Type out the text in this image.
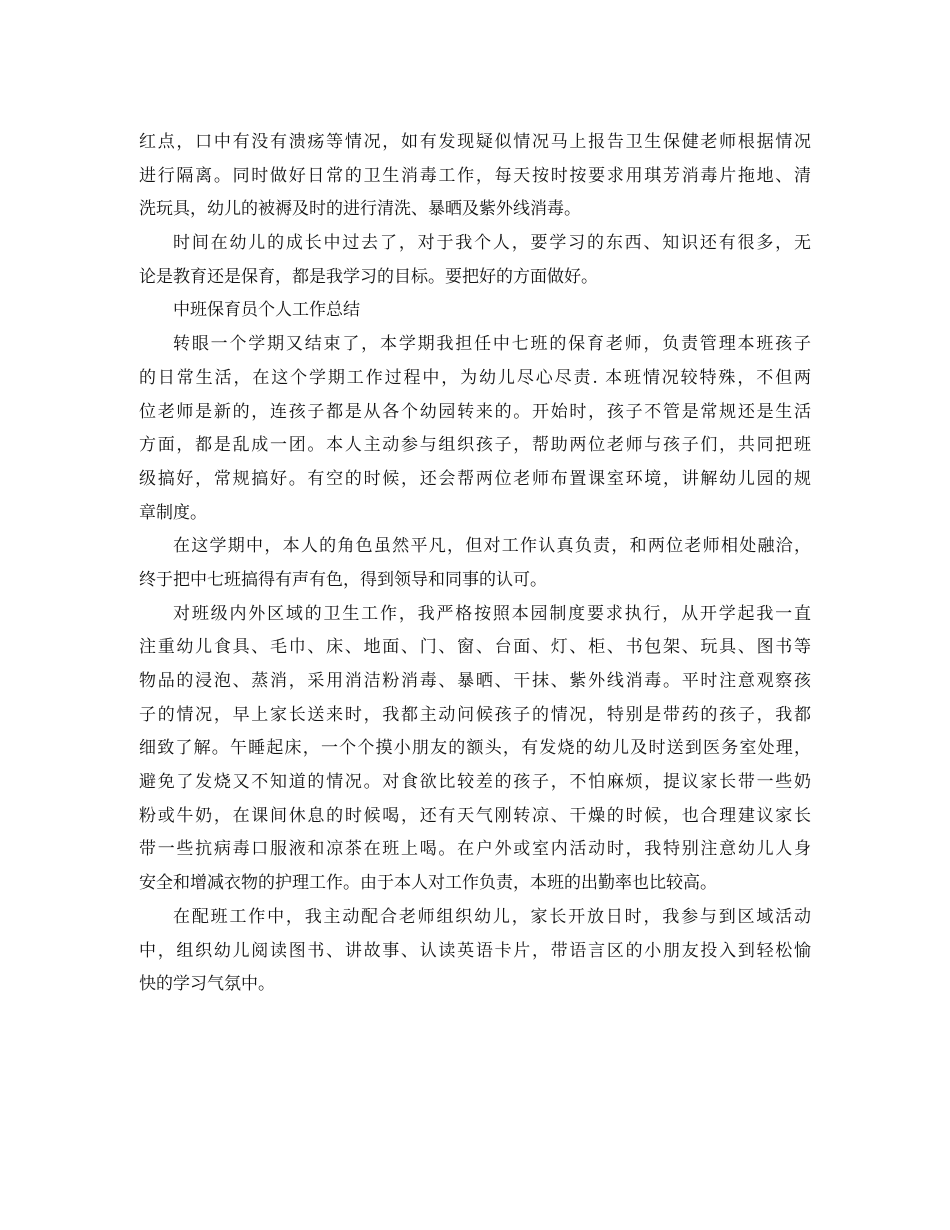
红点，口中有没有溃疡等情况，如有发现疑似情况马上报告卫生保健老师根据情况
进行隔离。同时做好日常的卫生消毒工作，每天按时按要求用琪芳消毒片拖地、清
洗玩具，幼儿的被褥及时的进行清洗、暴晒及紫外线消毒。
时间在幼儿的成长中过去了，对于我个人，要学习的东西、知识还有很多，无
论是教育还是保育，都是我学习的目标。要把好的方面做好。
中班保育员个人工作总结
转眼一个学期又结束了，本学期我担任中七班的保育老师，负责管理本班孩子
的日常生活，在这个学期工作过程中，为幼儿尽心尽责. 本班情况较特殊，不但两
位老师是新的，连孩子都是从各个幼园转来的。开始时，孩子不管是常规还是生活
方面，都是乱成一团。本人主动参与组织孩子，帮助两位老师与孩子们，共同把班
级搞好，常规搞好。有空的时候，还会帮两位老师布置课室环境，讲解幼儿园的规
章制度。
在这学期中，本人的角色虽然平凡，但对工作认真负责，和两位老师相处融洽，
终于把中七班搞得有声有色，得到领导和同事的认可。
对班级内外区域的卫生工作，我严格按照本园制度要求执行，从开学起我一直
注重幼儿食具、毛巾、床、地面、门、窗、台面、灯、柜、书包架、玩具、图书等
物品的浸泡、蒸消，采用消洁粉消毒、暴晒、干抹、紫外线消毒。平时注意观察孩
子的情况，早上家长送来时，我都主动问候孩子的情况，特别是带药的孩子，我都
细致了解。午睡起床，一个个摸小朋友的额头，有发烧的幼儿及时送到医务室处理，
避免了发烧又不知道的情况。对食欲比较差的孩子，不怕麻烦，提议家长带一些奶
粉或牛奶，在课间休息的时候喝，还有天气刚转凉、干燥的时候，也合理建议家长
带一些抗病毒口服液和凉茶在班上喝。在户外或室内活动时，我特别注意幼儿人身
安全和增减衣物的护理工作。由于本人对工作负责，本班的出勤率也比较高。
在配班工作中，我主动配合老师组织幼儿，家长开放日时，我参与到区域活动
中，组织幼儿阅读图书、讲故事、认读英语卡片，带语言区的小朋友投入到轻松愉
快的学习气氛中。
